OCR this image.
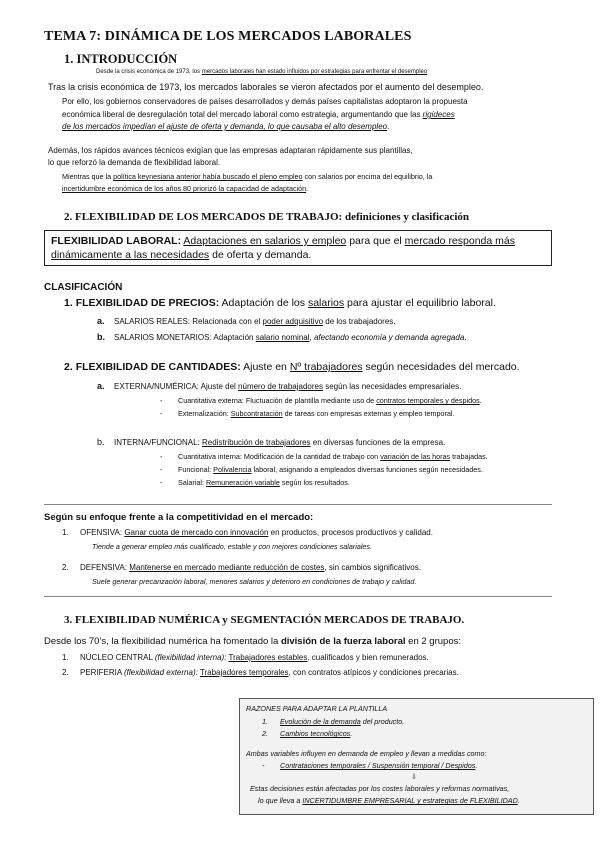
TEMA 7: DINÁMICA DE LOS MERCADOS LABORALES
1. INTRODUCCIÓN
Desde la crisis económica de 1973, los mercados laborales han estado influidos por estrategias para enfrentar el desempleo
Tras la crisis económica de 1973, los mercados laborales se vieron afectados por el aumento del desempleo.
Por ello, los gobiernos conservadores de países desarrollados y demás países capitalistas adoptaron la propuesta
económica liberal de desregulación total del mercado laboral como estrategia, argumentando que las rigideces
de los mercados impedían el ajuste de oferta y demanda, lo que causaba el alto desempleo.
Además, los rápidos avances técnicos exigían que las empresas adaptaran rápidamente sus plantillas,
lo que reforzó la demanda de flexibilidad laboral.
Mientras que la política keynesiana anterior había buscado el pleno empleo con salarios por encima del equilibrio, la
incertidumbre económica de los años 80 priorizó la capacidad de adaptación.
2. FLEXIBILIDAD DE LOS MERCADOS DE TRABAJO: definiciones y clasificación
FLEXIBILIDAD LABORAL: Adaptaciones en salarios y empleo para que el mercado responda más
dinámicamente a las necesidades de oferta y demanda.
CLASIFICACIÓN
1. FLEXIBILIDAD DE PRECIOS: Adaptación de los salarios para ajustar el equilibrio laboral.
a. SALARIOS REALES: Relacionada con el poder adquisitivo de los trabajadores.
b. SALARIOS MONETARIOS: Adaptación salario nominal, afectando economía y demanda agregada.
2. FLEXIBILIDAD DE CANTIDADES: Ajuste en Nº trabajadores según necesidades del mercado.
a. EXTERNA/NUMÉRICA: Ajuste del número de trabajadores según las necesidades empresariales.
- Cuantitativa externa: Fluctuación de plantilla mediante uso de contratos temporales y despidos.
- Externalización: Subcontratación de tareas con empresas externas y empleo temporal.
b. INTERNA/FUNCIONAL: Redistribución de trabajadores en diversas funciones de la empresa.
- Cuantitativa interna: Modificación de la cantidad de trabajo con variación de las horas trabajadas.
- Funcional: Polivalencia laboral, asignando a empleados diversas funciones según necesidades.
- Salarial: Remuneración variable según los resultados.
Según su enfoque frente a la competitividad en el mercado:
1. OFENSIVA: Ganar cuota de mercado con innovación en productos, procesos productivos y calidad.
Tiende a generar empleo más cualificado, estable y con mejores condiciones salariales.
2. DEFENSIVA: Mantenerse en mercado mediante reducción de costes, sin cambios significativos.
Suele generar precarización laboral, menores salarios y deterioro en condiciones de trabajo y calidad.
3. FLEXIBILIDAD NUMÉRICA y SEGMENTACIÓN MERCADOS DE TRABAJO.
Desde los 70’s, la flexibilidad numérica ha fomentado la división de la fuerza laboral en 2 grupos:
1. NÚCLEO CENTRAL (flexibilidad interna): Trabajadores estables, cualificados y bien remunerados.
2. PERIFERIA (flexibilidad externa): Trabajadores temporales, con contratos atípicos y condiciones precarias.
RAZONES PARA ADAPTAR LA PLANTILLA
1. Evolución de la demanda del producto.
2. Cambios tecnológicos.
Ambas variables influyen en demanda de empleo y llevan a medidas como:
- Contrataciones temporales / Suspensión temporal / Despidos.
⇩
Estas decisiones están afectadas por los costes laborales y reformas normativas,
lo que lleva a INCERTIDUMBRE EMPRESARIAL y estrategias de FLEXIBILIDAD.
